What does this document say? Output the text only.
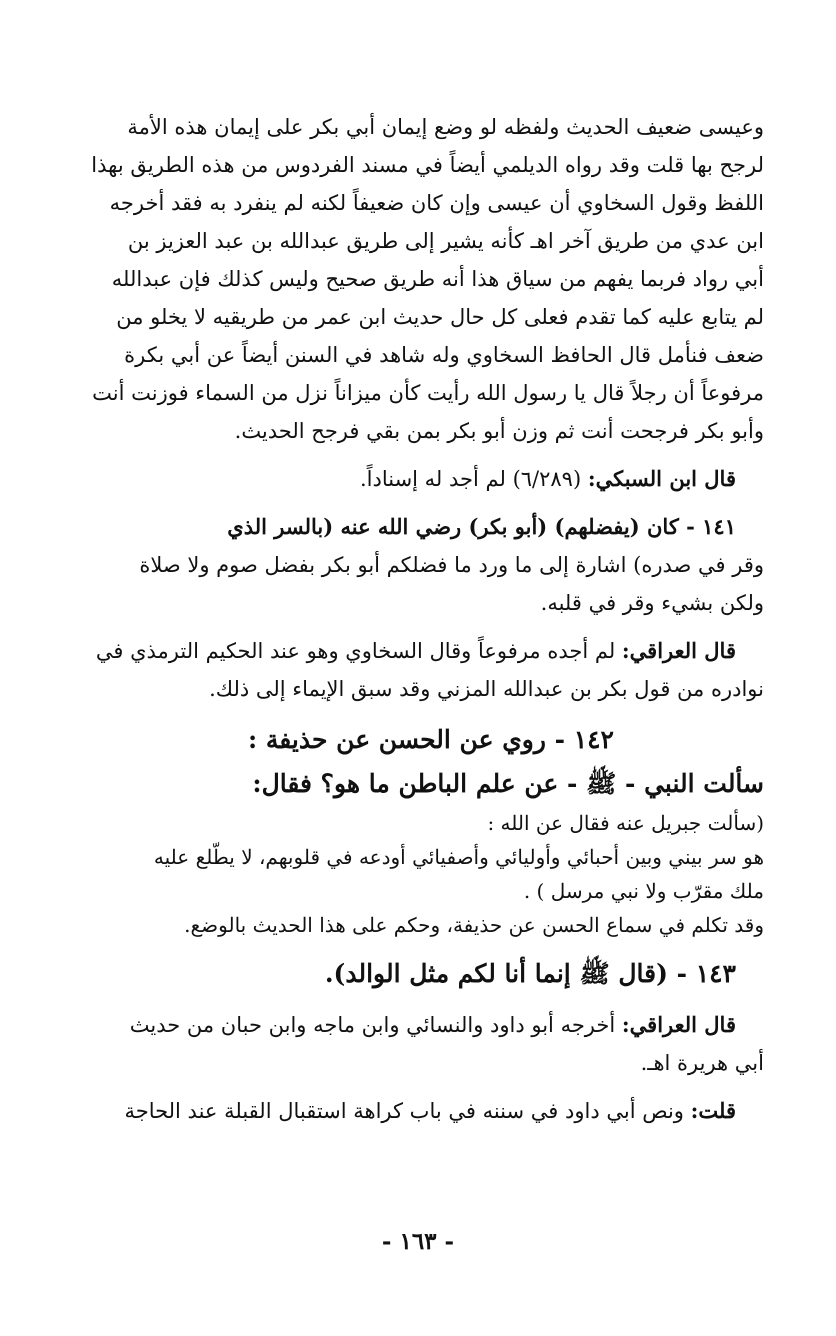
وعيسى ضعيف الحديث ولفظه لو وضع إيمان أبي بكر على إيمان هذه الأمة
لرجح بها قلت وقد رواه الديلمي أيضاً في مسند الفردوس من هذه الطريق بهذا
اللفظ وقول السخاوي أن عيسى وإن كان ضعيفاً لكنه لم ينفرد به فقد أخرجه
ابن عدي من طريق آخر اهـ كأنه يشير إلى طريق عبدالله بن عبد العزيز بن
أبي رواد فربما يفهم من سياق هذا أنه طريق صحيح وليس كذلك فإن عبدالله
لم يتابع عليه كما تقدم فعلى كل حال حديث ابن عمر من طريقيه لا يخلو من
ضعف فنأمل قال الحافظ السخاوي وله شاهد في السنن أيضاً عن أبي بكرة
مرفوعاً أن رجلاً قال يا رسول الله رأيت كأن ميزاناً نزل من السماء فوزنت أنت
وأبو بكر فرجحت أنت ثم وزن أبو بكر بمن بقي فرجح الحديث.
قال ابن السبكي: (٦/٢٨٩) لم أجد له إسناداً.
١٤١ - كان (يفضلهم) (أبو بكر) رضي الله عنه (بالسر الذي
وقر في صدره) اشارة إلى ما ورد ما فضلكم أبو بكر بفضل صوم ولا صلاة
ولكن بشيء وقر في قلبه.
قال العراقي: لم أجده مرفوعاً وقال السخاوي وهو عند الحكيم الترمذي في
نوادره من قول بكر بن عبدالله المزني وقد سبق الإيماء إلى ذلك.
١٤٢ - روي عن الحسن عن حذيفة :
سألت النبي - ﷺ - عن علم الباطن ما هو؟ فقال:
(سألت جبريل عنه فقال عن الله :
هو سر بيني وبين أحبائي وأوليائي وأصفيائي أودعه في قلوبهم، لا يطّلع عليه
ملك مقرّب ولا نبي مرسل ) .
وقد تكلم في سماع الحسن عن حذيفة، وحكم على هذا الحديث بالوضع.
١٤٣ - (قال ﷺ إنما أنا لكم مثل الوالد).
قال العراقي: أخرجه أبو داود والنسائي وابن ماجه وابن حبان من حديث
أبي هريرة اهـ.
قلت: ونص أبي داود في سننه في باب كراهة استقبال القبلة عند الحاجة
- ١٦٣ -
